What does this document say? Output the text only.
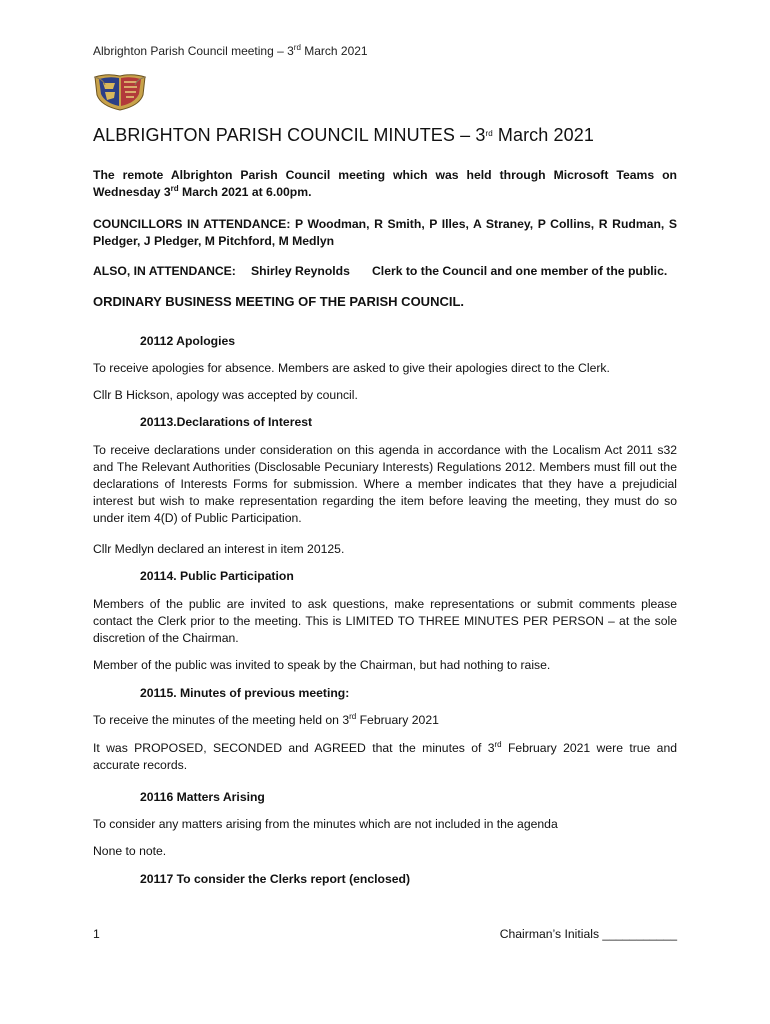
Albrighton Parish Council meeting – 3rd March 2021
ALBRIGHTON PARISH COUNCIL MINUTES – 3rd March 2021
The remote Albrighton Parish Council meeting which was held through Microsoft Teams on Wednesday 3rd March 2021 at 6.00pm.
COUNCILLORS IN ATTENDANCE: P Woodman, R Smith, P Illes, A Straney, P Collins, R Rudman, S Pledger, J Pledger, M Pitchford, M Medlyn
ALSO, IN ATTENDANCE: Shirley Reynolds Clerk to the Council and one member of the public.
ORDINARY BUSINESS MEETING OF THE PARISH COUNCIL.
20112 Apologies
To receive apologies for absence. Members are asked to give their apologies direct to the Clerk.
Cllr B Hickson, apology was accepted by council.
20113.Declarations of Interest
To receive declarations under consideration on this agenda in accordance with the Localism Act 2011 s32 and The Relevant Authorities (Disclosable Pecuniary Interests) Regulations 2012. Members must fill out the declarations of Interests Forms for submission. Where a member indicates that they have a prejudicial interest but wish to make representation regarding the item before leaving the meeting, they must do so under item 4(D) of Public Participation.
Cllr Medlyn declared an interest in item 20125.
20114. Public Participation
Members of the public are invited to ask questions, make representations or submit comments please contact the Clerk prior to the meeting. This is LIMITED TO THREE MINUTES PER PERSON – at the sole discretion of the Chairman.
Member of the public was invited to speak by the Chairman, but had nothing to raise.
20115. Minutes of previous meeting:
To receive the minutes of the meeting held on 3rd February 2021
It was PROPOSED, SECONDED and AGREED that the minutes of 3rd February 2021 were true and accurate records.
20116 Matters Arising
To consider any matters arising from the minutes which are not included in the agenda
None to note.
20117 To consider the Clerks report (enclosed)
1	Chairman’s Initials ___________
